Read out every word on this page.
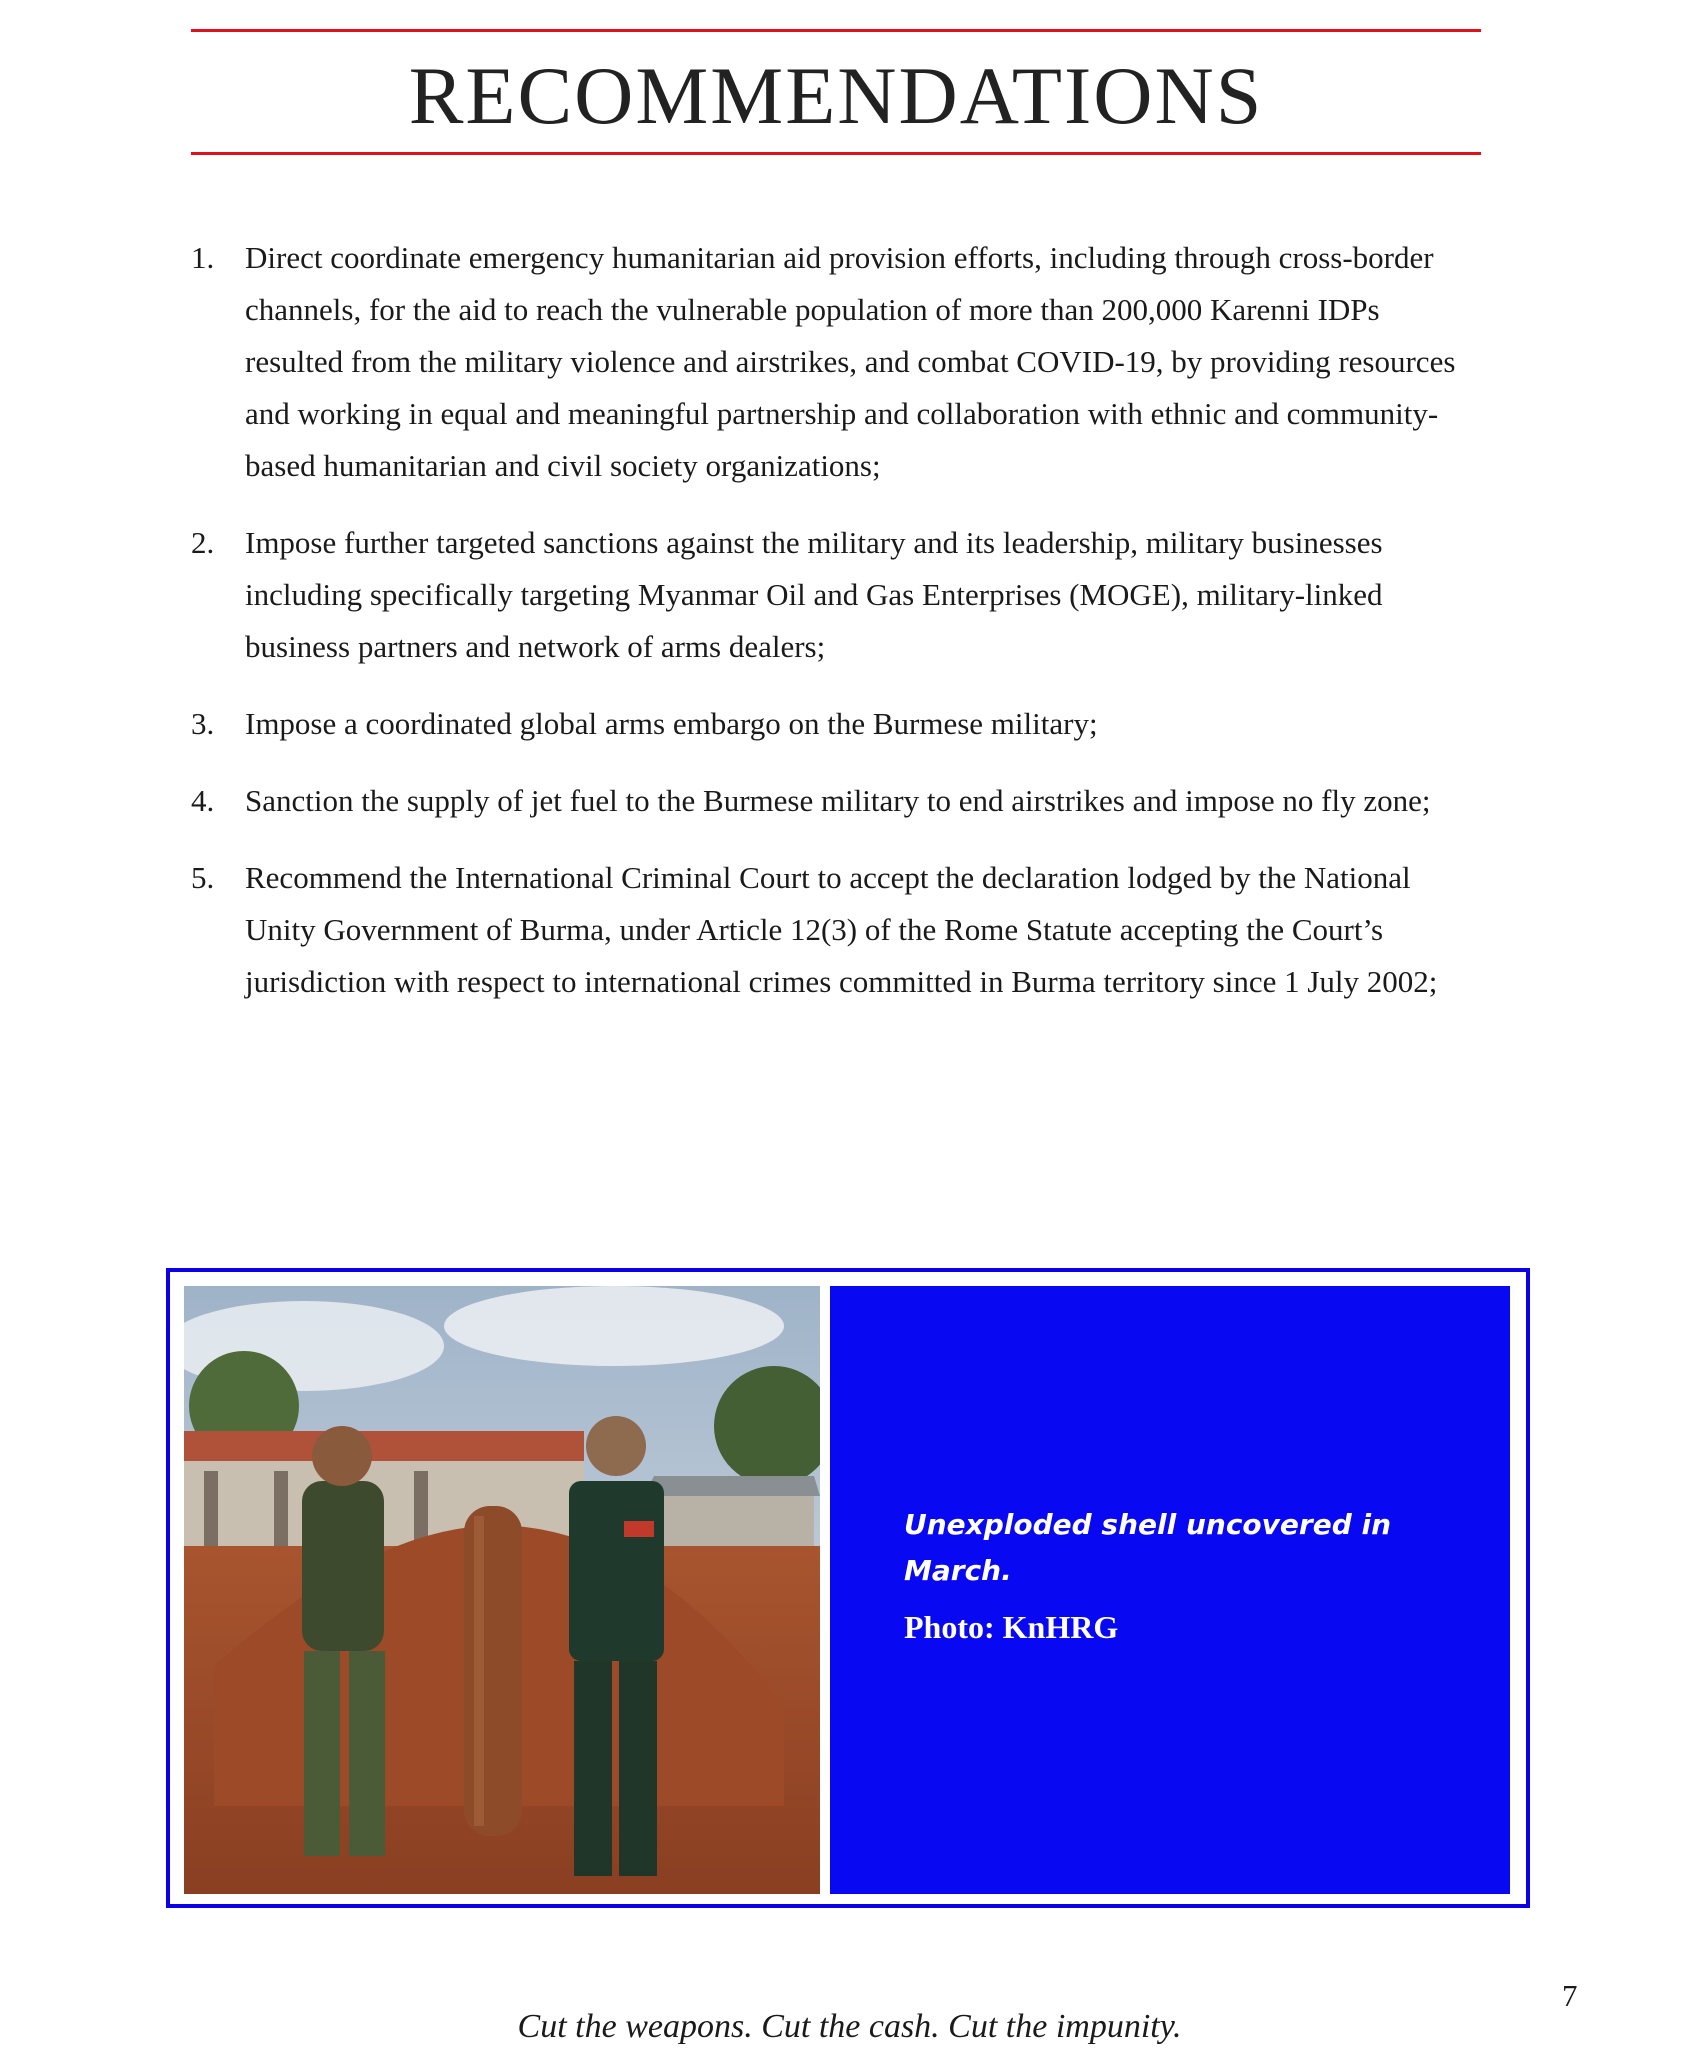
RECOMMENDATIONS
1. Direct coordinate emergency humanitarian aid provision efforts, including through cross-border channels, for the aid to reach the vulnerable population of more than 200,000 Karenni IDPs resulted from the military violence and airstrikes, and combat COVID-19, by providing resources and working in equal and meaningful partnership and collaboration with ethnic and community-based humanitarian and civil society organizations;
2. Impose further targeted sanctions against the military and its leadership, military businesses including specifically targeting Myanmar Oil and Gas Enterprises (MOGE), military-linked business partners and network of arms dealers;
3. Impose a coordinated global arms embargo on the Burmese military;
4. Sanction the supply of jet fuel to the Burmese military to end airstrikes and impose no fly zone;
5. Recommend the International Criminal Court to accept the declaration lodged by the National Unity Government of Burma, under Article 12(3) of the Rome Statute accepting the Court’s jurisdiction with respect to international crimes committed in Burma territory since 1 July 2002;
Unexploded shell uncovered in March.
Photo: KnHRG
7
Cut the weapons. Cut the cash. Cut the impunity.
